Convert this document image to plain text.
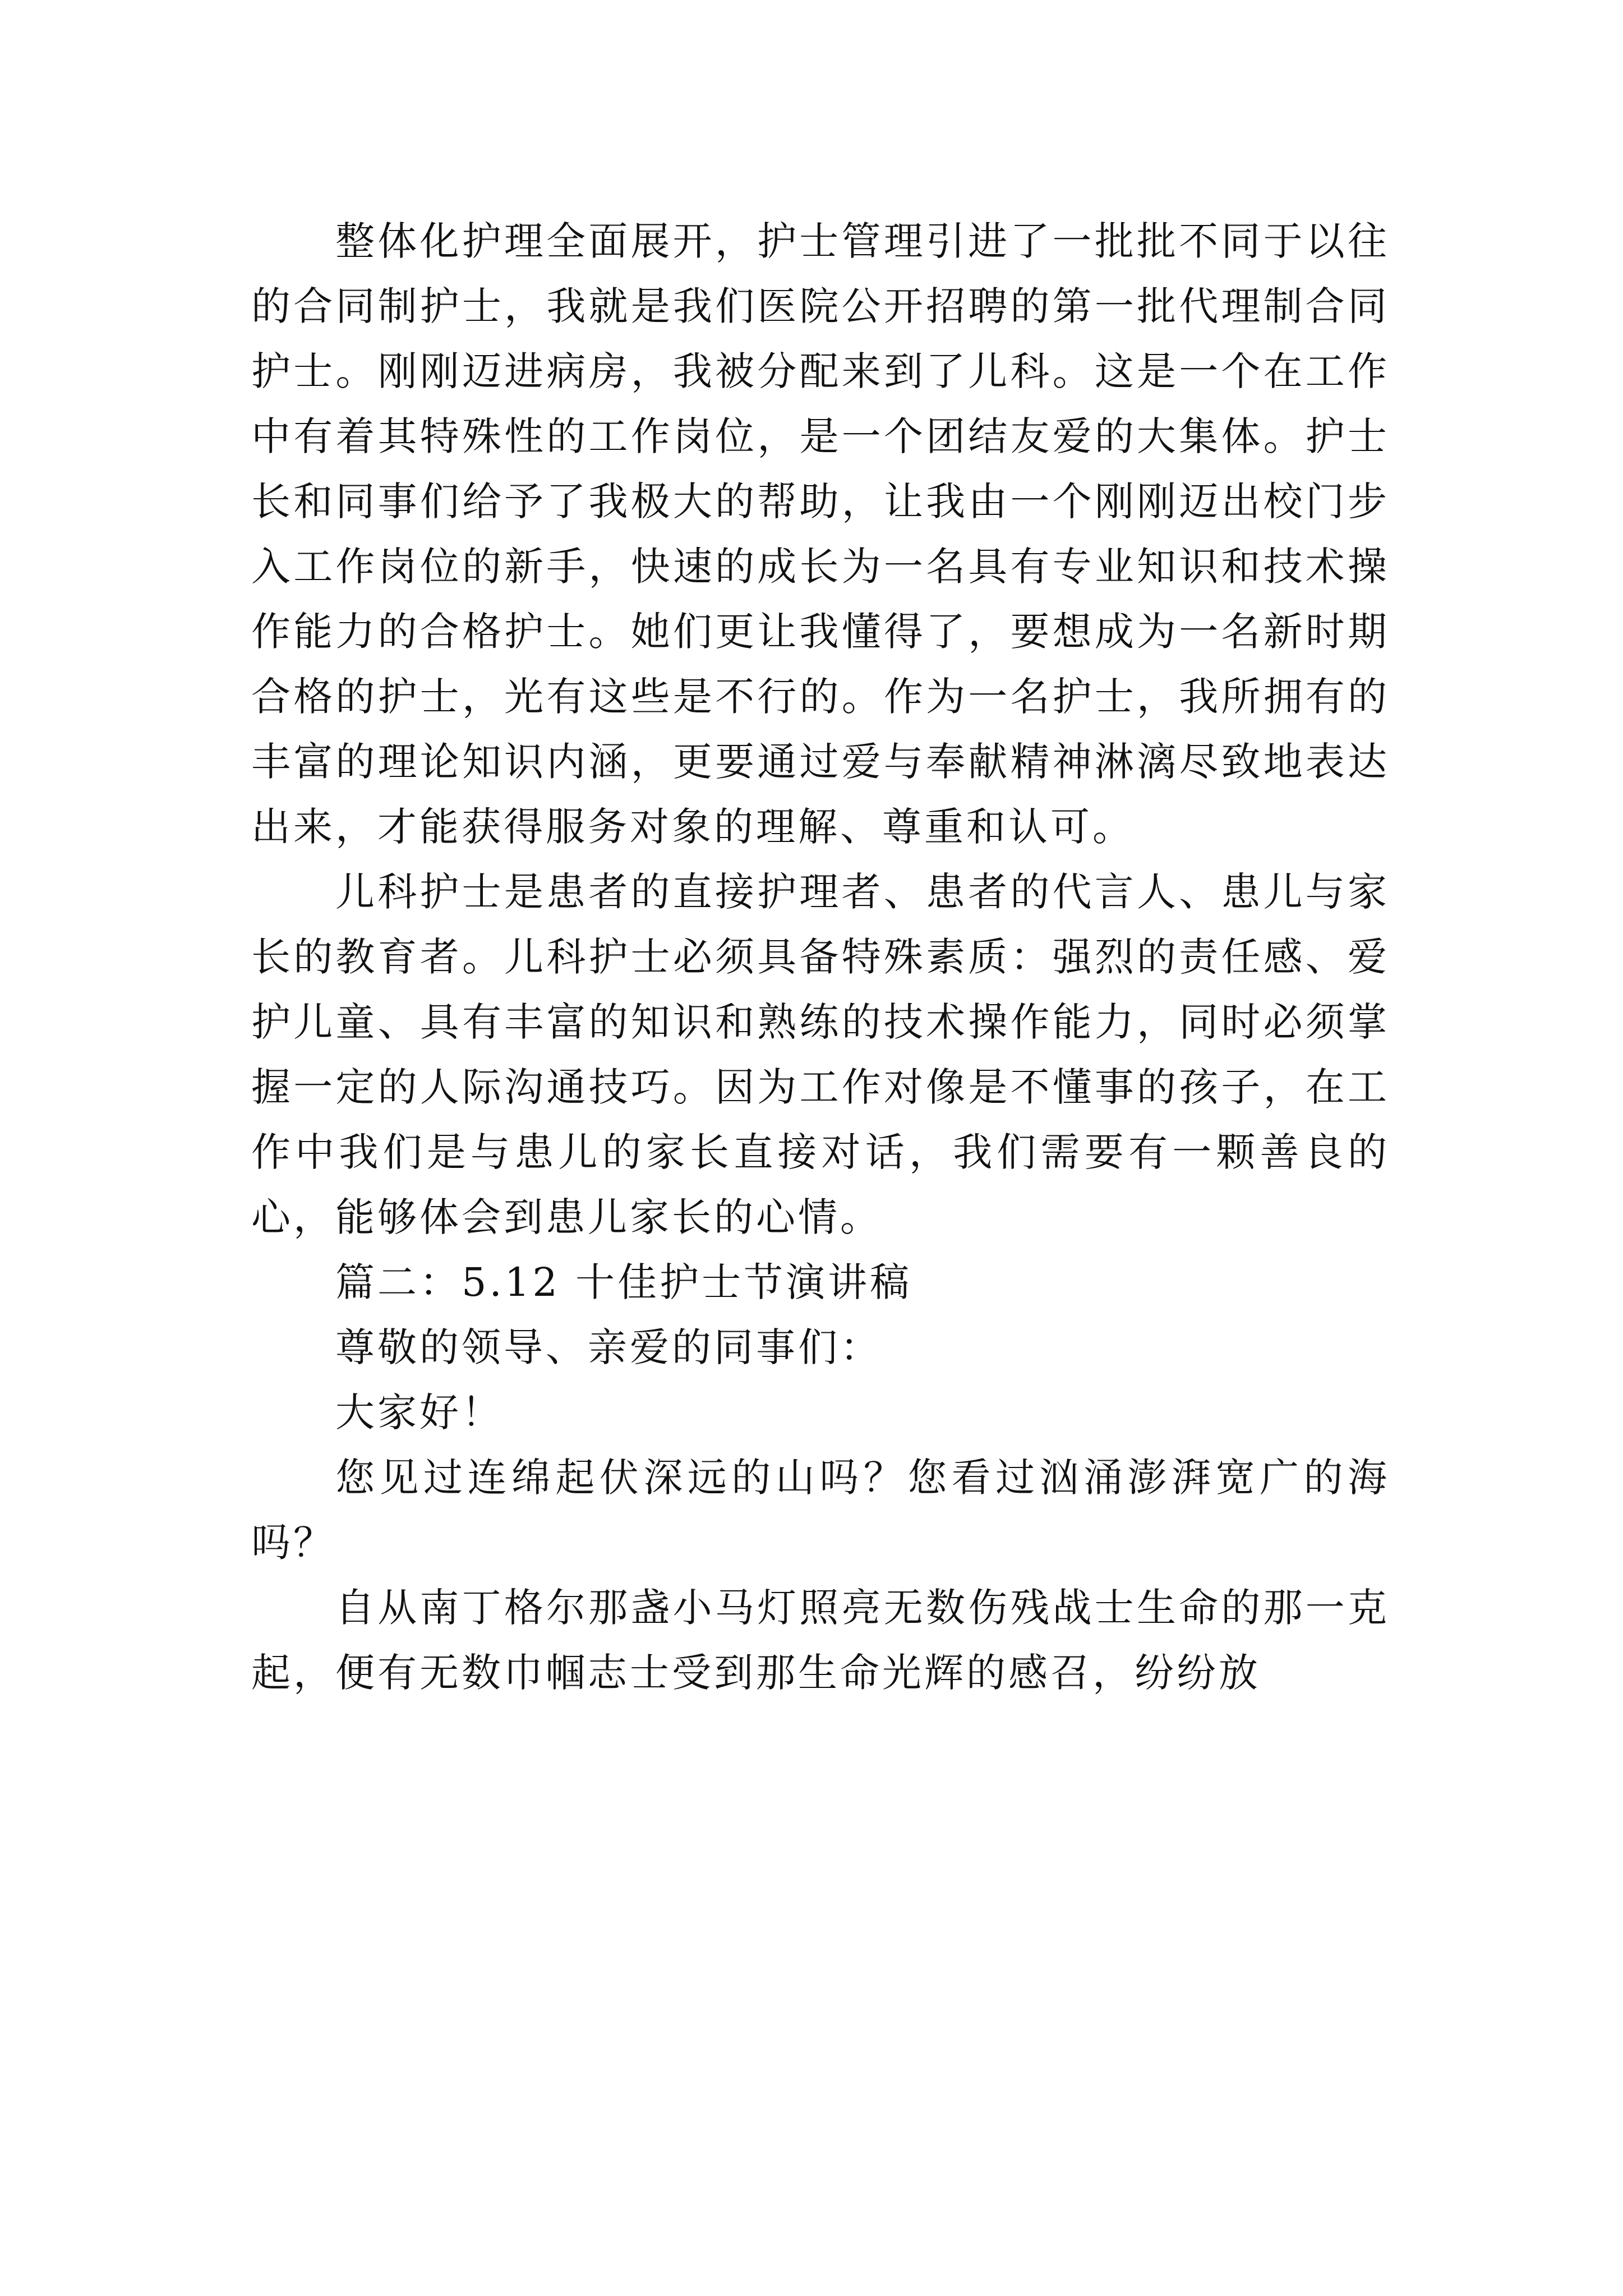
整体化护理全面展开，护士管理引进了一批批不同于以往的合同制护士，我就是我们医院公开招聘的第一批代理制合同护士。刚刚迈进病房，我被分配来到了儿科。这是一个在工作中有着其特殊性的工作岗位，是一个团结友爱的大集体。护士长和同事们给予了我极大的帮助，让我由一个刚刚迈出校门步入工作岗位的新手，快速的成长为一名具有专业知识和技术操作能力的合格护士。她们更让我懂得了，要想成为一名新时期合格的护士，光有这些是不行的。作为一名护士，我所拥有的丰富的理论知识内涵，更要通过爱与奉献精神淋漓尽致地表达出来，才能获得服务对象的理解、尊重和认可。

儿科护士是患者的直接护理者、患者的代言人、患儿与家长的教育者。儿科护士必须具备特殊素质：强烈的责任感、爱护儿童、具有丰富的知识和熟练的技术操作能力，同时必须掌握一定的人际沟通技巧。因为工作对像是不懂事的孩子，在工作中我们是与患儿的家长直接对话，我们需要有一颗善良的心，能够体会到患儿家长的心情。

篇二：5.12 十佳护士节演讲稿

尊敬的领导、亲爱的同事们：

大家好！

您见过连绵起伏深远的山吗？您看过汹涌澎湃宽广的海吗？

自从南丁格尔那盏小马灯照亮无数伤残战士生命的那一克起，便有无数巾帼志士受到那生命光辉的感召，纷纷放
